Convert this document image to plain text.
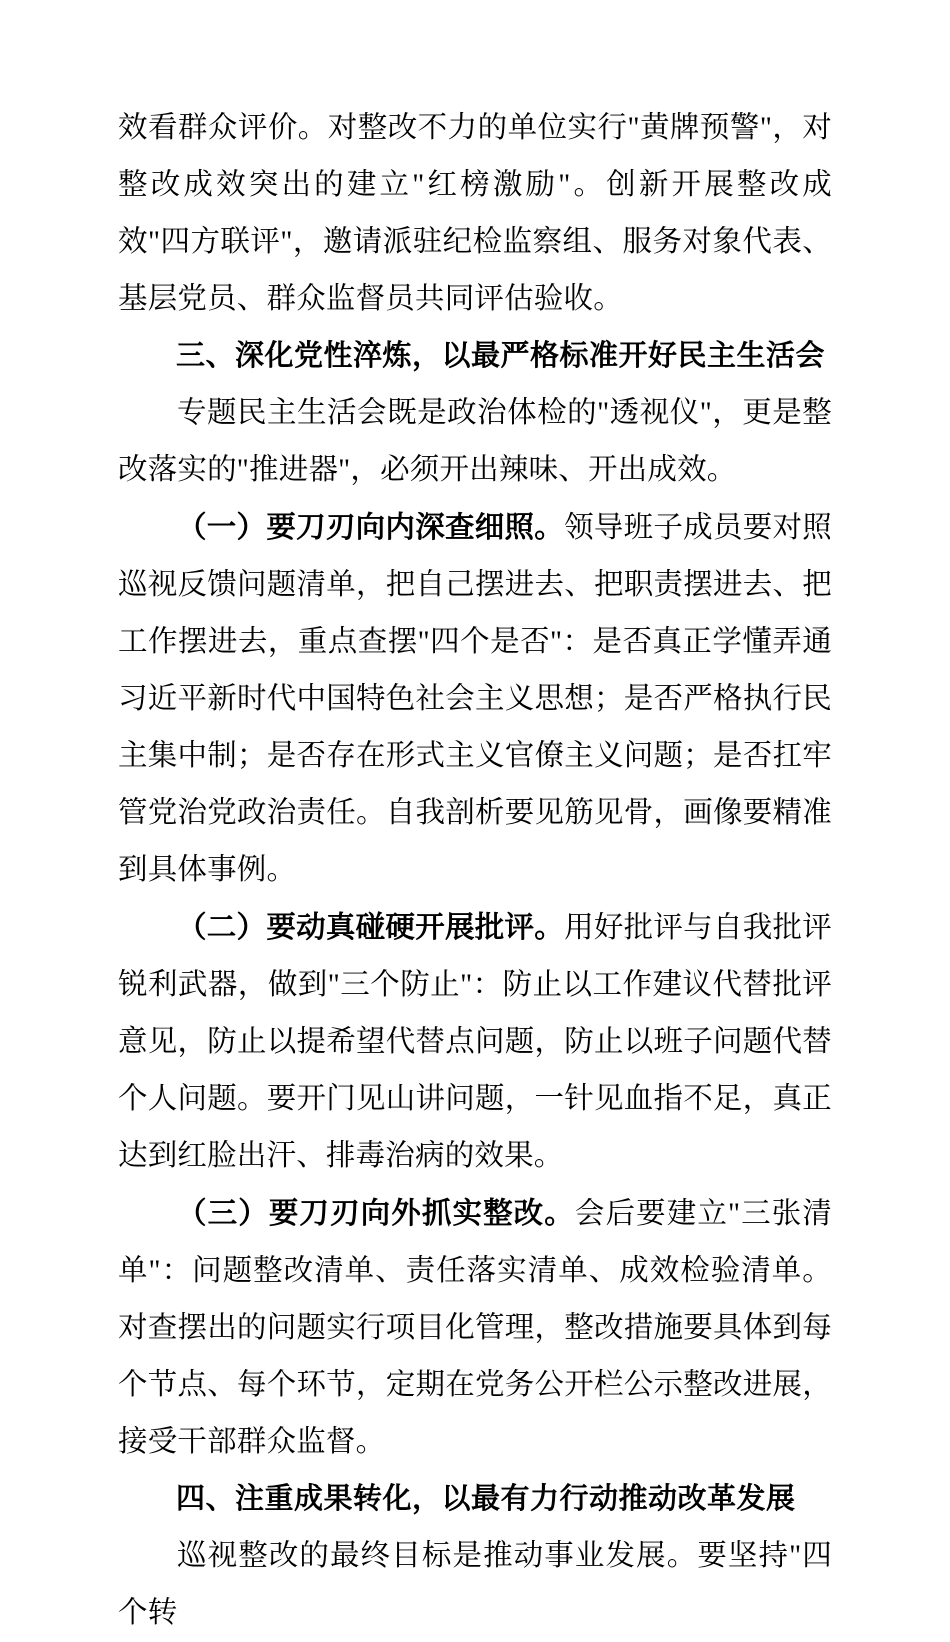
效看群众评价。对整改不力的单位实行"黄牌预警"，对整改成效突出的建立"红榜激励"。创新开展整改成效"四方联评"，邀请派驻纪检监察组、服务对象代表、基层党员、群众监督员共同评估验收。

三、深化党性淬炼，以最严格标准开好民主生活会

专题民主生活会既是政治体检的"透视仪"，更是整改落实的"推进器"，必须开出辣味、开出成效。

（一）要刀刃向内深查细照。领导班子成员要对照巡视反馈问题清单，把自己摆进去、把职责摆进去、把工作摆进去，重点查摆"四个是否"：是否真正学懂弄通习近平新时代中国特色社会主义思想；是否严格执行民主集中制；是否存在形式主义官僚主义问题；是否扛牢管党治党政治责任。自我剖析要见筋见骨，画像要精准到具体事例。

（二）要动真碰硬开展批评。用好批评与自我批评锐利武器，做到"三个防止"：防止以工作建议代替批评意见，防止以提希望代替点问题，防止以班子问题代替个人问题。要开门见山讲问题，一针见血指不足，真正达到红脸出汗、排毒治病的效果。

（三）要刀刃向外抓实整改。会后要建立"三张清单"：问题整改清单、责任落实清单、成效检验清单。对查摆出的问题实行项目化管理，整改措施要具体到每个节点、每个环节，定期在党务公开栏公示整改进展，接受干部群众监督。

四、注重成果转化，以最有力行动推动改革发展

巡视整改的最终目标是推动事业发展。要坚持"四个转
